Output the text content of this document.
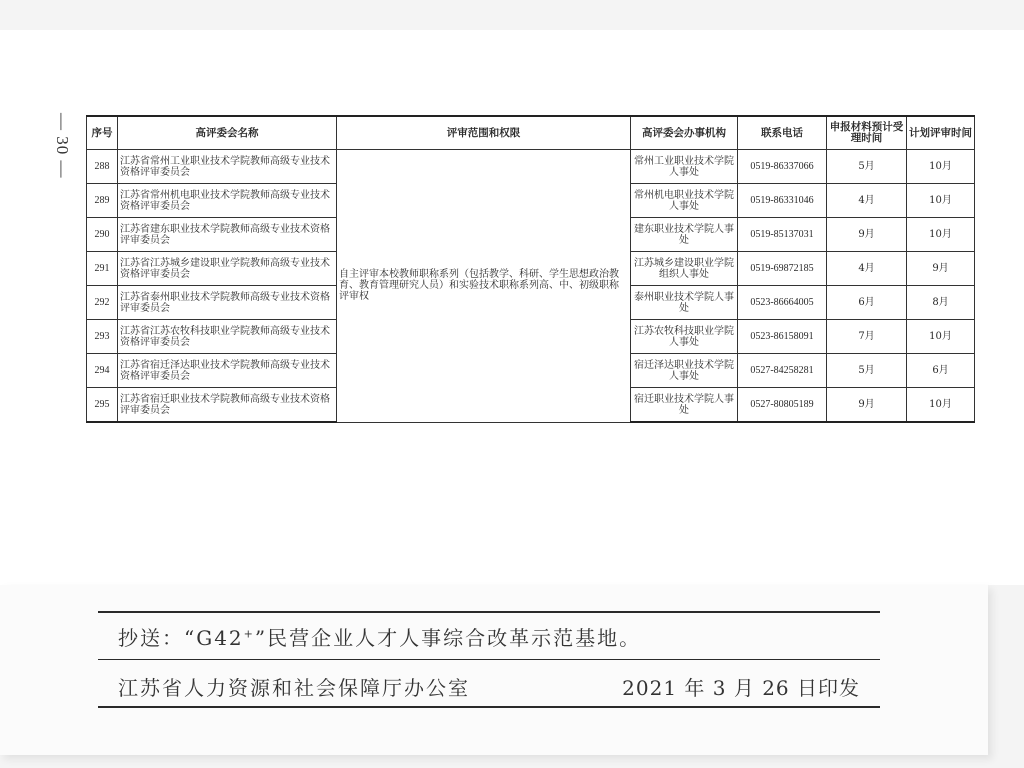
— 30 — 序号	高评委会名称	评审范围和权限	高评委会办事机构	联系电话	申报材料预计受理时间	计划评审时间
288	江苏省常州工业职业技术学院教师高级专业技术资格评审委员会	自主评审本校教师职称系列（包括教学、科研、学生思想政治教育、教育管理研究人员）和实验技术职称系列高、中、初级职称评审权	常州工业职业技术学院人事处	0519-86337066	5月	10月
289	江苏省常州机电职业技术学院教师高级专业技术资格评审委员会		常州机电职业技术学院人事处	0519-86331046	4月	10月
290	江苏省建东职业技术学院教师高级专业技术资格评审委员会		建东职业技术学院人事处	0519-85137031	9月	10月
291	江苏省江苏城乡建设职业学院教师高级专业技术资格评审委员会		江苏城乡建设职业学院组织人事处	0519-69872185	4月	9月
292	江苏省泰州职业技术学院教师高级专业技术资格评审委员会		泰州职业技术学院人事处	0523-86664005	6月	8月
293	江苏省江苏农牧科技职业学院教师高级专业技术资格评审委员会		江苏农牧科技职业学院人事处	0523-86158091	7月	10月
294	江苏省宿迁泽达职业技术学院教师高级专业技术资格评审委员会		宿迁泽达职业技术学院人事处	0527-84258281	5月	6月
295	江苏省宿迁职业技术学院教师高级专业技术资格评审委员会		宿迁职业技术学院人事处	0527-80805189	9月	10月
抄送：“G42+”民营企业人才人事综合改革示范基地。
江苏省人力资源和社会保障厅办公室	2021 年 3 月 26 日印发
